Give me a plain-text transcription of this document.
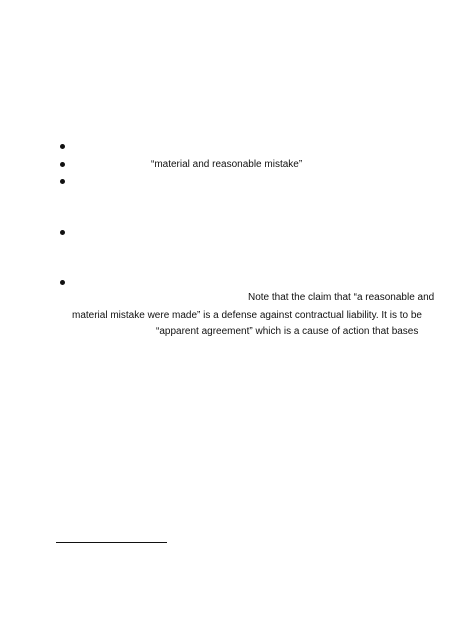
“material and reasonable mistake”
Note that the claim that “a reasonable and
material mistake were made” is a defense against contractual liability. It is to be
“apparent agreement” which is a cause of action that bases
